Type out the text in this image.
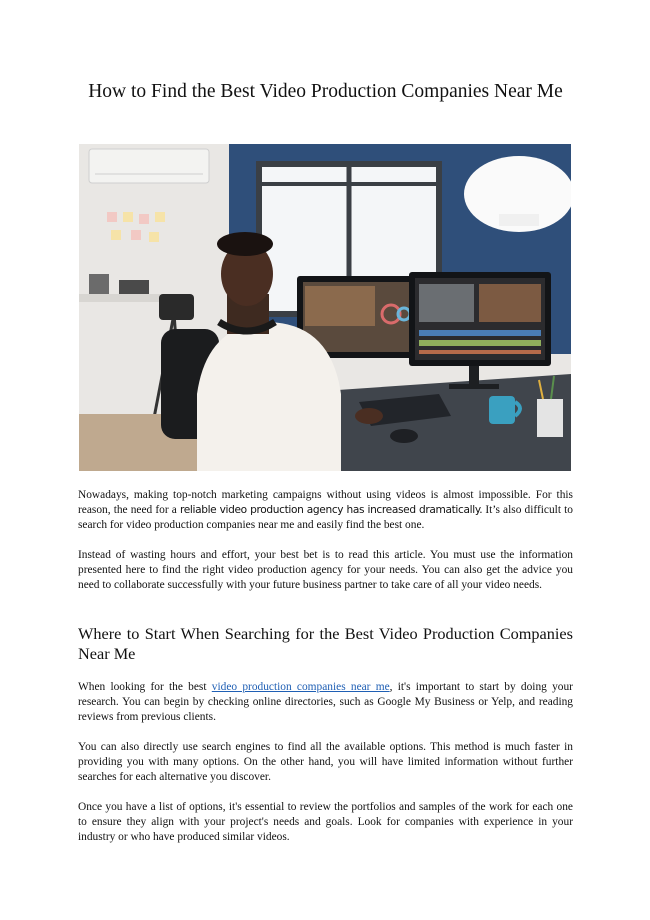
How to Find the Best Video Production Companies Near Me
Nowadays, making top-notch marketing campaigns without using videos is almost impossible. For this reason, the need for a reliable video production agency has increased dramatically. It’s also difficult to search for video production companies near me and easily find the best one.
Instead of wasting hours and effort, your best bet is to read this article. You must use the information presented here to find the right video production agency for your needs. You can also get the advice you need to collaborate successfully with your future business partner to take care of all your video needs.
Where to Start When Searching for the Best Video Production Companies Near Me
When looking for the best video production companies near me, it's important to start by doing your research. You can begin by checking online directories, such as Google My Business or Yelp, and reading reviews from previous clients.
You can also directly use search engines to find all the available options. This method is much faster in providing you with many options. On the other hand, you will have limited information without further searches for each alternative you discover.
Once you have a list of options, it's essential to review the portfolios and samples of the work for each one to ensure they align with your project's needs and goals. Look for companies with experience in your industry or who have produced similar videos.
